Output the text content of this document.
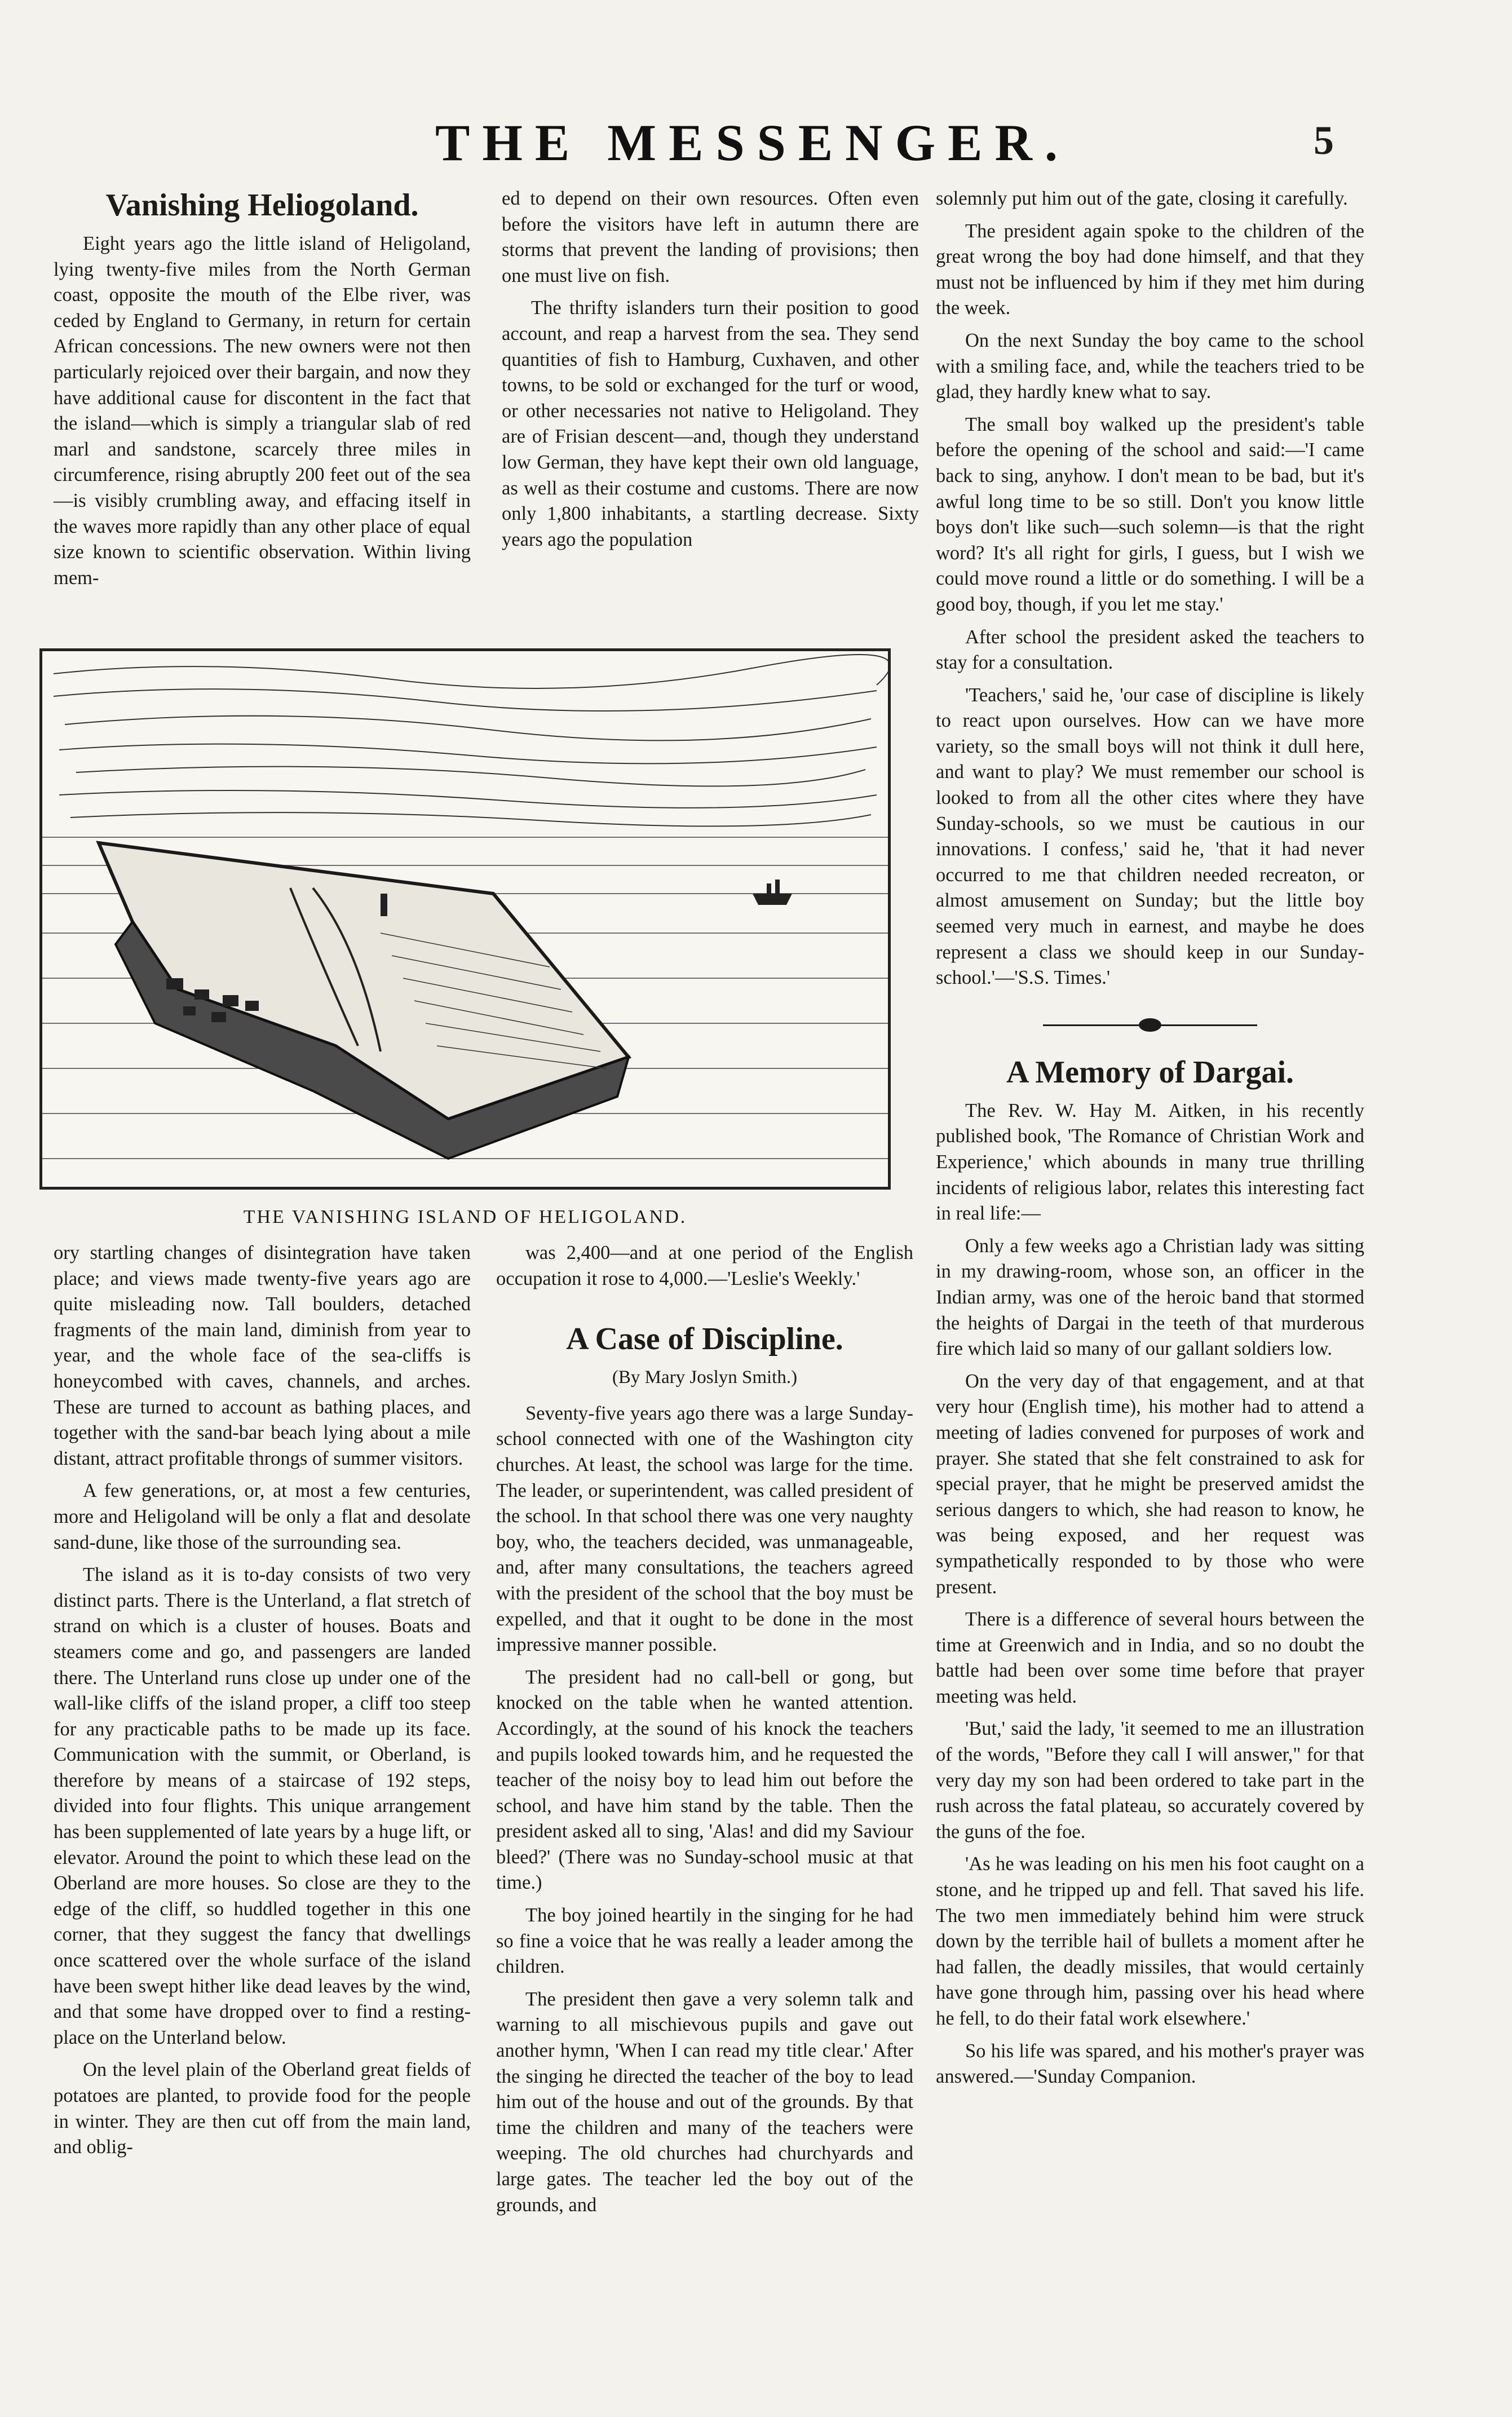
THE MESSENGER.	5
Vanishing Heliogoland.

Eight years ago the little island of Heligoland, lying twenty-five miles from the North German coast, opposite the mouth of the Elbe river, was ceded by England to Germany, in return for certain African concessions. The new owners were not then particularly rejoiced over their bargain, and now they have additional cause for discontent in the fact that the island—which is simply a triangular slab of red marl and sandstone, scarcely three miles in circumference, rising abruptly 200 feet out of the sea—is visibly crumbling away, and effacing itself in the waves more rapidly than any other place of equal size known to scientific observation. Within living mem-

ed to depend on their own resources. Often even before the visitors have left in autumn there are storms that prevent the landing of provisions; then one must live on fish.

The thrifty islanders turn their position to good account, and reap a harvest from the sea. They send quantities of fish to Hamburg, Cuxhaven, and other towns, to be sold or exchanged for the turf or wood, or other necessaries not native to Heligoland. They are of Frisian descent—and, though they understand low German, they have kept their own old language, as well as their costume and customs. There are now only 1,800 inhabitants, a startling decrease. Sixty years ago the population

THE VANISHING ISLAND OF HELIGOLAND.

ory startling changes of disintegration have taken place; and views made twenty-five years ago are quite misleading now. Tall boulders, detached fragments of the main land, diminish from year to year, and the whole face of the sea-cliffs is honeycombed with caves, channels, and arches. These are turned to account as bathing places, and together with the sand-bar beach lying about a mile distant, attract profitable throngs of summer visitors.

A few generations, or, at most a few centuries, more and Heligoland will be only a flat and desolate sand-dune, like those of the surrounding sea.

The island as it is to-day consists of two very distinct parts. There is the Unterland, a flat stretch of strand on which is a cluster of houses. Boats and steamers come and go, and passengers are landed there. The Unterland runs close up under one of the wall-like cliffs of the island proper, a cliff too steep for any practicable paths to be made up its face. Communication with the summit, or Oberland, is therefore by means of a staircase of 192 steps, divided into four flights. This unique arrangement has been supplemented of late years by a huge lift, or elevator. Around the point to which these lead on the Oberland are more houses. So close are they to the edge of the cliff, so huddled together in this one corner, that they suggest the fancy that dwellings once scattered over the whole surface of the island have been swept hither like dead leaves by the wind, and that some have dropped over to find a resting-place on the Unterland below.

On the level plain of the Oberland great fields of potatoes are planted, to provide food for the people in winter. They are then cut off from the main land, and oblig-

was 2,400—and at one period of the English occupation it rose to 4,000.—'Leslie's Weekly.'

A Case of Discipline.
(By Mary Joslyn Smith.)

Seventy-five years ago there was a large Sunday-school connected with one of the Washington city churches. At least, the school was large for the time. The leader, or superintendent, was called president of the school. In that school there was one very naughty boy, who, the teachers decided, was unmanageable, and, after many consultations, the teachers agreed with the president of the school that the boy must be expelled, and that it ought to be done in the most impressive manner possible.

The president had no call-bell or gong, but knocked on the table when he wanted attention. Accordingly, at the sound of his knock the teachers and pupils looked towards him, and he requested the teacher of the noisy boy to lead him out before the school, and have him stand by the table. Then the president asked all to sing, 'Alas! and did my Saviour bleed?' (There was no Sunday-school music at that time.)

The boy joined heartily in the singing for he had so fine a voice that he was really a leader among the children.

The president then gave a very solemn talk and warning to all mischievous pupils and gave out another hymn, 'When I can read my title clear.' After the singing he directed the teacher of the boy to lead him out of the house and out of the grounds. By that time the children and many of the teachers were weeping. The old churches had churchyards and large gates. The teacher led the boy out of the grounds, and

solemnly put him out of the gate, closing it carefully.

The president again spoke to the children of the great wrong the boy had done himself, and that they must not be influenced by him if they met him during the week.

On the next Sunday the boy came to the school with a smiling face, and, while the teachers tried to be glad, they hardly knew what to say.

The small boy walked up the president's table before the opening of the school and said:—'I came back to sing, anyhow. I don't mean to be bad, but it's awful long time to be so still. Don't you know little boys don't like such—such solemn—is that the right word? It's all right for girls, I guess, but I wish we could move round a little or do something. I will be a good boy, though, if you let me stay.'

After school the president asked the teachers to stay for a consultation.

'Teachers,' said he, 'our case of discipline is likely to react upon ourselves. How can we have more variety, so the small boys will not think it dull here, and want to play? We must remember our school is looked to from all the other cites where they have Sunday-schools, so we must be cautious in our innovations. I confess,' said he, 'that it had never occurred to me that children needed recreaton, or almost amusement on Sunday; but the little boy seemed very much in earnest, and maybe he does represent a class we should keep in our Sunday-school.'—'S.S. Times.'

A Memory of Dargai.

The Rev. W. Hay M. Aitken, in his recently published book, 'The Romance of Christian Work and Experience,' which abounds in many true thrilling incidents of religious labor, relates this interesting fact in real life:—

Only a few weeks ago a Christian lady was sitting in my drawing-room, whose son, an officer in the Indian army, was one of the heroic band that stormed the heights of Dargai in the teeth of that murderous fire which laid so many of our gallant soldiers low.

On the very day of that engagement, and at that very hour (English time), his mother had to attend a meeting of ladies convened for purposes of work and prayer. She stated that she felt constrained to ask for special prayer, that he might be preserved amidst the serious dangers to which, she had reason to know, he was being exposed, and her request was sympathetically responded to by those who were present.

There is a difference of several hours between the time at Greenwich and in India, and so no doubt the battle had been over some time before that prayer meeting was held.

'But,' said the lady, 'it seemed to me an illustration of the words, "Before they call I will answer," for that very day my son had been ordered to take part in the rush across the fatal plateau, so accurately covered by the guns of the foe.

'As he was leading on his men his foot caught on a stone, and he tripped up and fell. That saved his life. The two men immediately behind him were struck down by the terrible hail of bullets a moment after he had fallen, the deadly missiles, that would certainly have gone through him, passing over his head where he fell, to do their fatal work elsewhere.'

So his life was spared, and his mother's prayer was answered.—'Sunday Companion.
